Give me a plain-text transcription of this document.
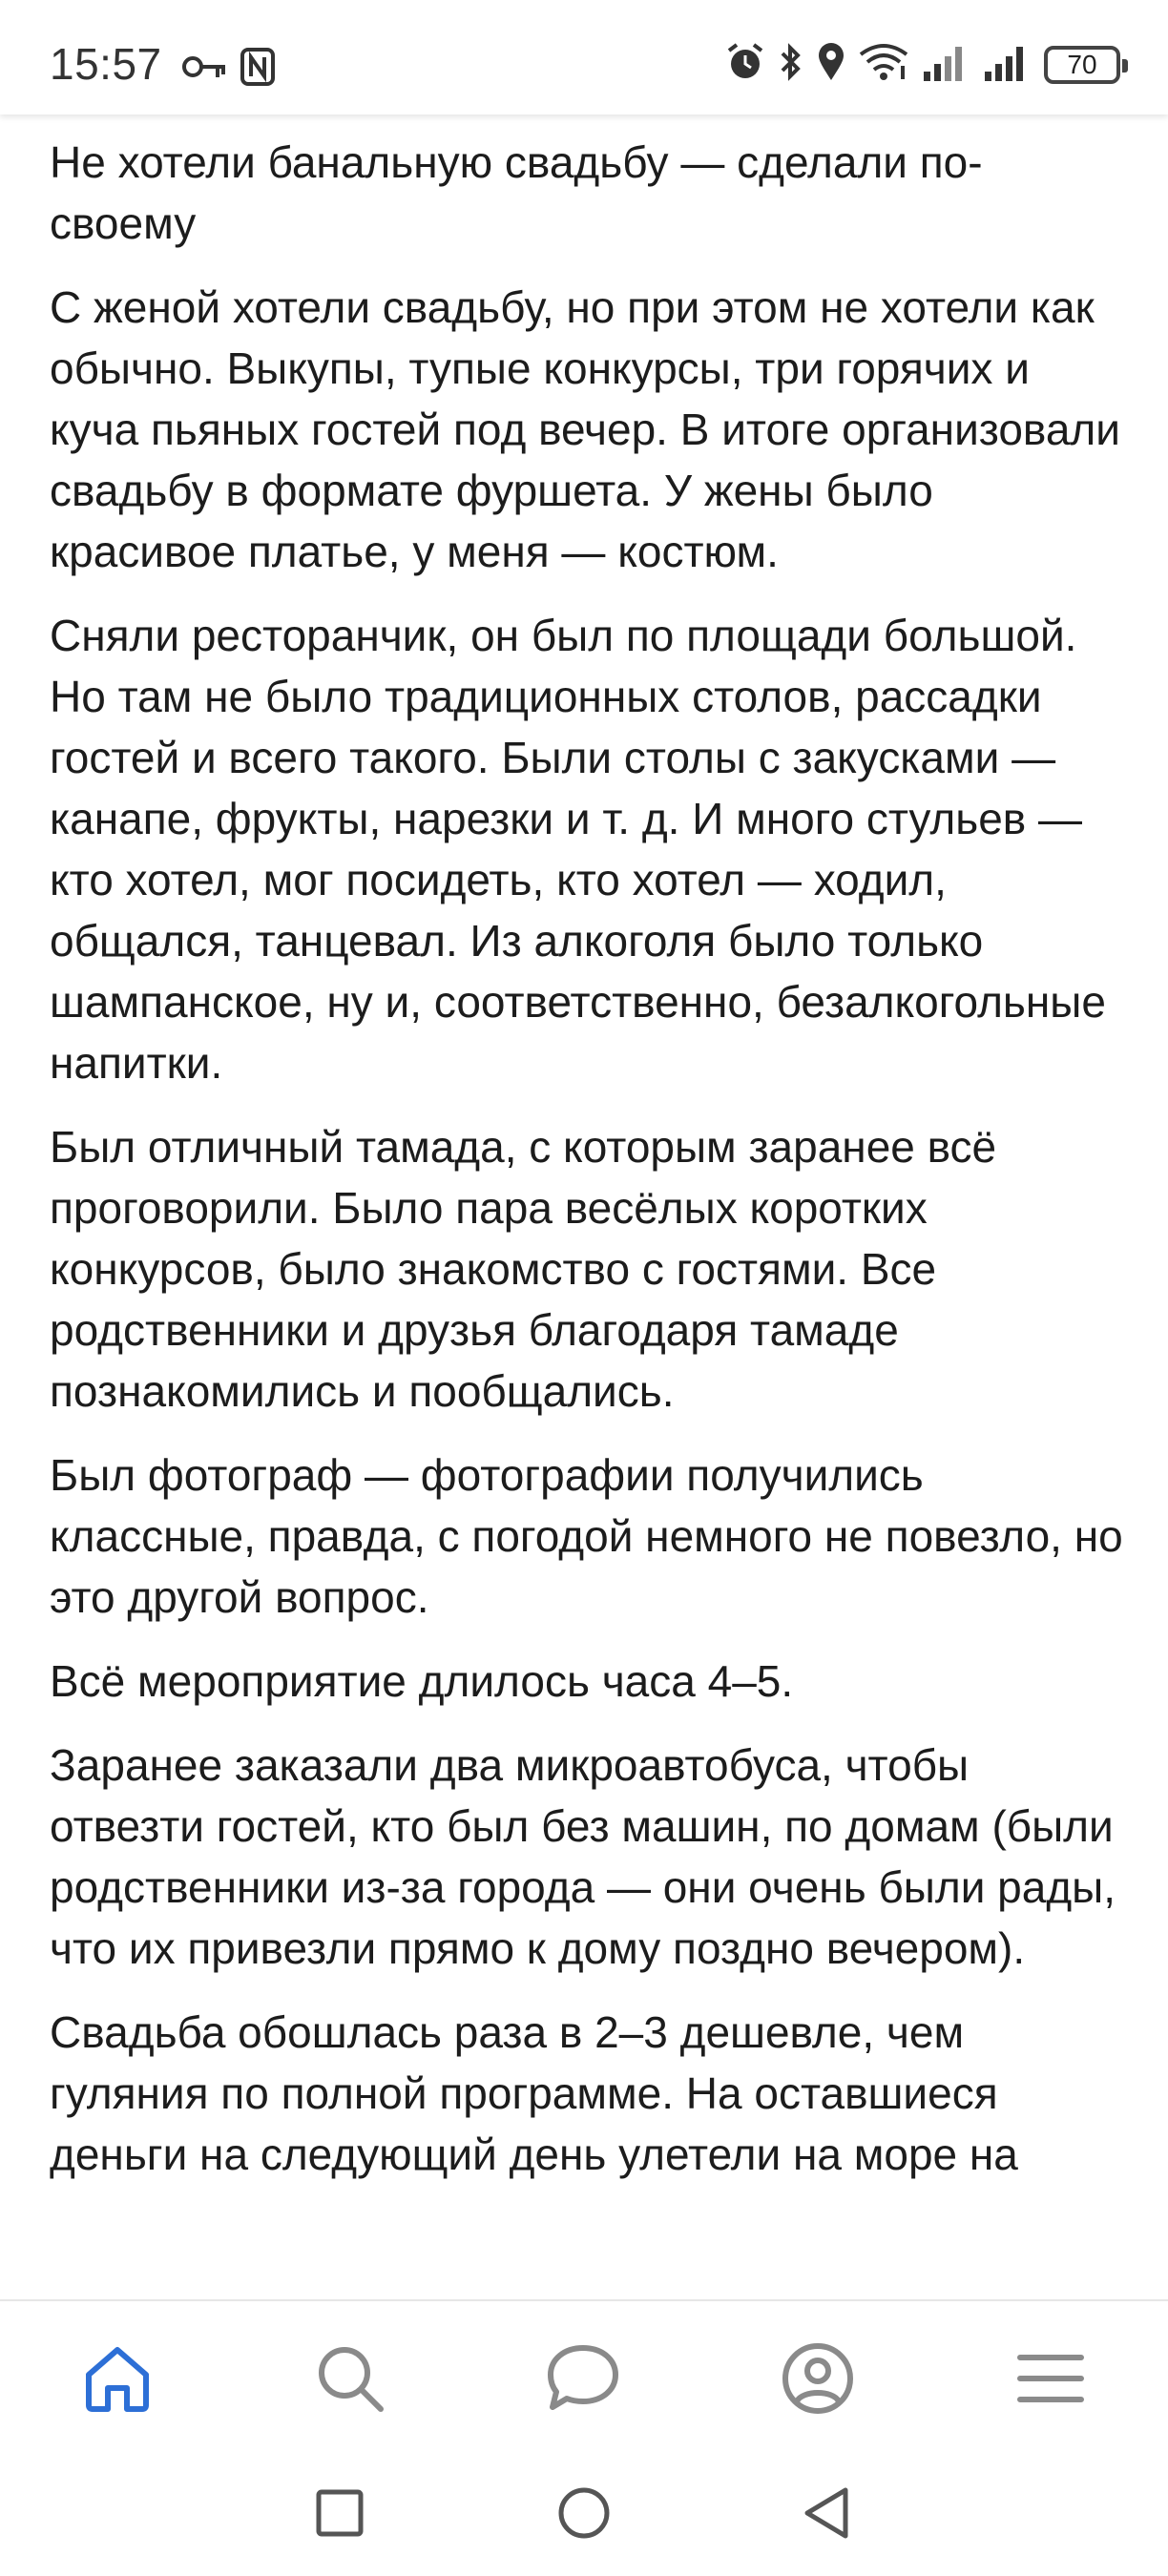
15:57	70
Не хотели банальную свадьбу — сделали по-своему

С женой хотели свадьбу, но при этом не хотели как обычно. Выкупы, тупые конкурсы, три горячих и куча пьяных гостей под вечер. В итоге организовали свадьбу в формате фуршета. У жены было красивое платье, у меня — костюм.

Сняли ресторанчик, он был по площади большой. Но там не было традиционных столов, рассадки гостей и всего такого. Были столы с закусками — канапе, фрукты, нарезки и т. д. И много стульев — кто хотел, мог посидеть, кто хотел — ходил, общался, танцевал. Из алкоголя было только шампанское, ну и, соответственно, безалкогольные напитки.

Был отличный тамада, с которым заранее всё проговорили. Было пара весёлых коротких конкурсов, было знакомство с гостями. Все родственники и друзья благодаря тамаде познакомились и пообщались.

Был фотограф — фотографии получились классные, правда, с погодой немного не повезло, но это другой вопрос.

Всё мероприятие длилось часа 4–5.

Заранее заказали два микроавтобуса, чтобы отвезти гостей, кто был без машин, по домам (были родственники из-за города — они очень были рады, что их привезли прямо к дому поздно вечером).

Свадьба обошлась раза в 2–3 дешевле, чем гуляния по полной программе. На оставшиеся деньги на следующий день улетели на море на
